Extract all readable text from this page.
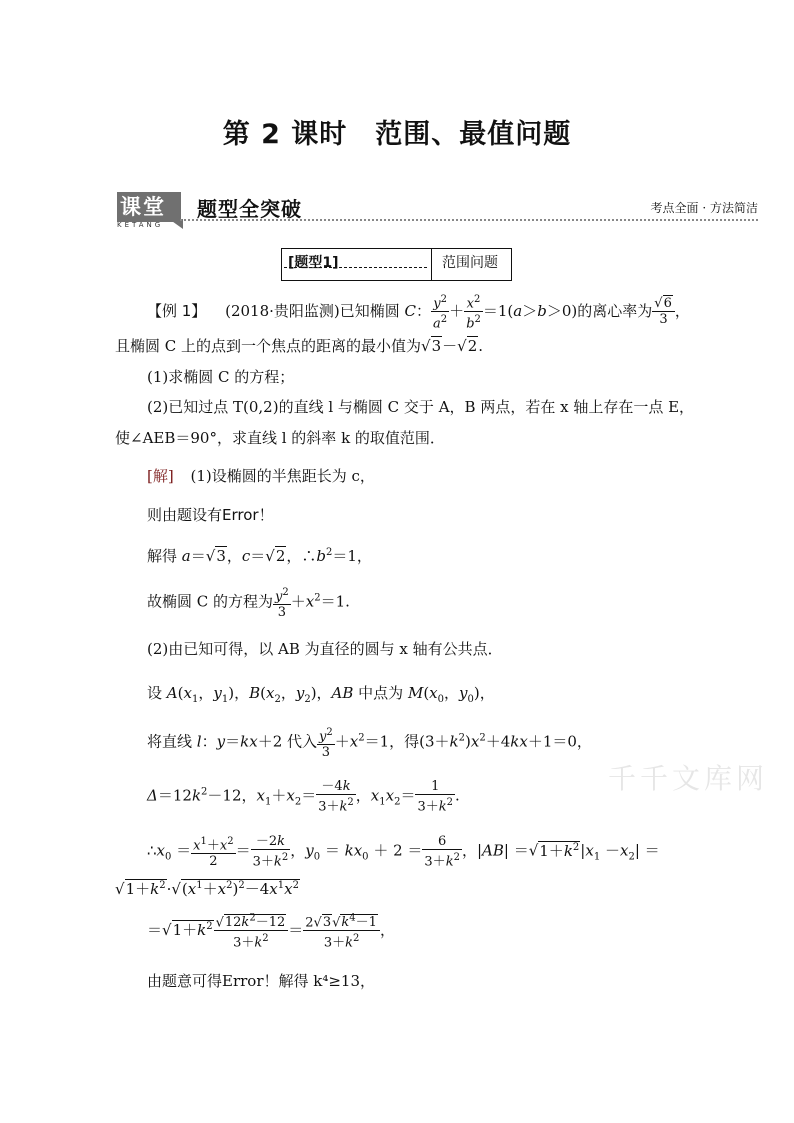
第 2 课时 范围、最值问题
课堂
KETANG
题型全突破	考点全面 · 方法简洁
[题型1]	范围问题
【例 1】 (2018·贵阳监测)已知椭圆 C： $\frac{y^2}{a^2} + \frac{x^2}{b^2} =1(a>b>0)$的离心率为 $\frac{√6}{3}$ ，
且椭圆 C 上的点到一个焦点的距离的最小值为√3－√2.
(1)求椭圆 C 的方程；
(2)已知过点 T(0,2)的直线 l 与椭圆 C 交于 A，B 两点，若在 x 轴上存在一点 E，
使∠AEB＝90°，求直线 l 的斜率 k 的取值范围．
[解] (1)设椭圆的半焦距长为 c，
则由题设有Error！
解得 a＝√3，c＝√2，$\therefore b^2=1$，
故椭圆 C 的方程为 $\frac{y^2}{3} +x^2=1$.
(2)由已知可得，以 AB 为直径的圆与 x 轴有公共点．
设 $A(x_1$，$y_1$)，$B(x_2$，$y_2$)，AB 中点为 $M(x_0$，$y_0$)，
将直线 l：y＝kx＋2 代入 $\frac{y^2}{3} +x^2=1$，得$(3+k^2)x^2+4kx+1=0$，
$\Delta=12k^2-12$，$x_1+x_2= \frac{-4k}{3+k^2}$ ，$x_1x_2= \frac{1}{3+k^2}$ .
$\therefore x_0 = \frac{x^1+x^2}{2} = \frac{-2k}{3+k^2}$ ，$y_0 = kx_0 + 2 = \frac{6}{3+k^2}$ ，$|AB| =√1+k^2|x_1 -x_2|$ ＝
$√1+k^2\cdot√(x^1+x^2)^2-4x^1x^2$
$=√1+k^2 \frac{√12k^2-12}{3+k^2} = \frac{2√3√k^4-1}{3+k^2}$ ，
由题意可得Error！解得 k⁴≥13，
千千文库网
